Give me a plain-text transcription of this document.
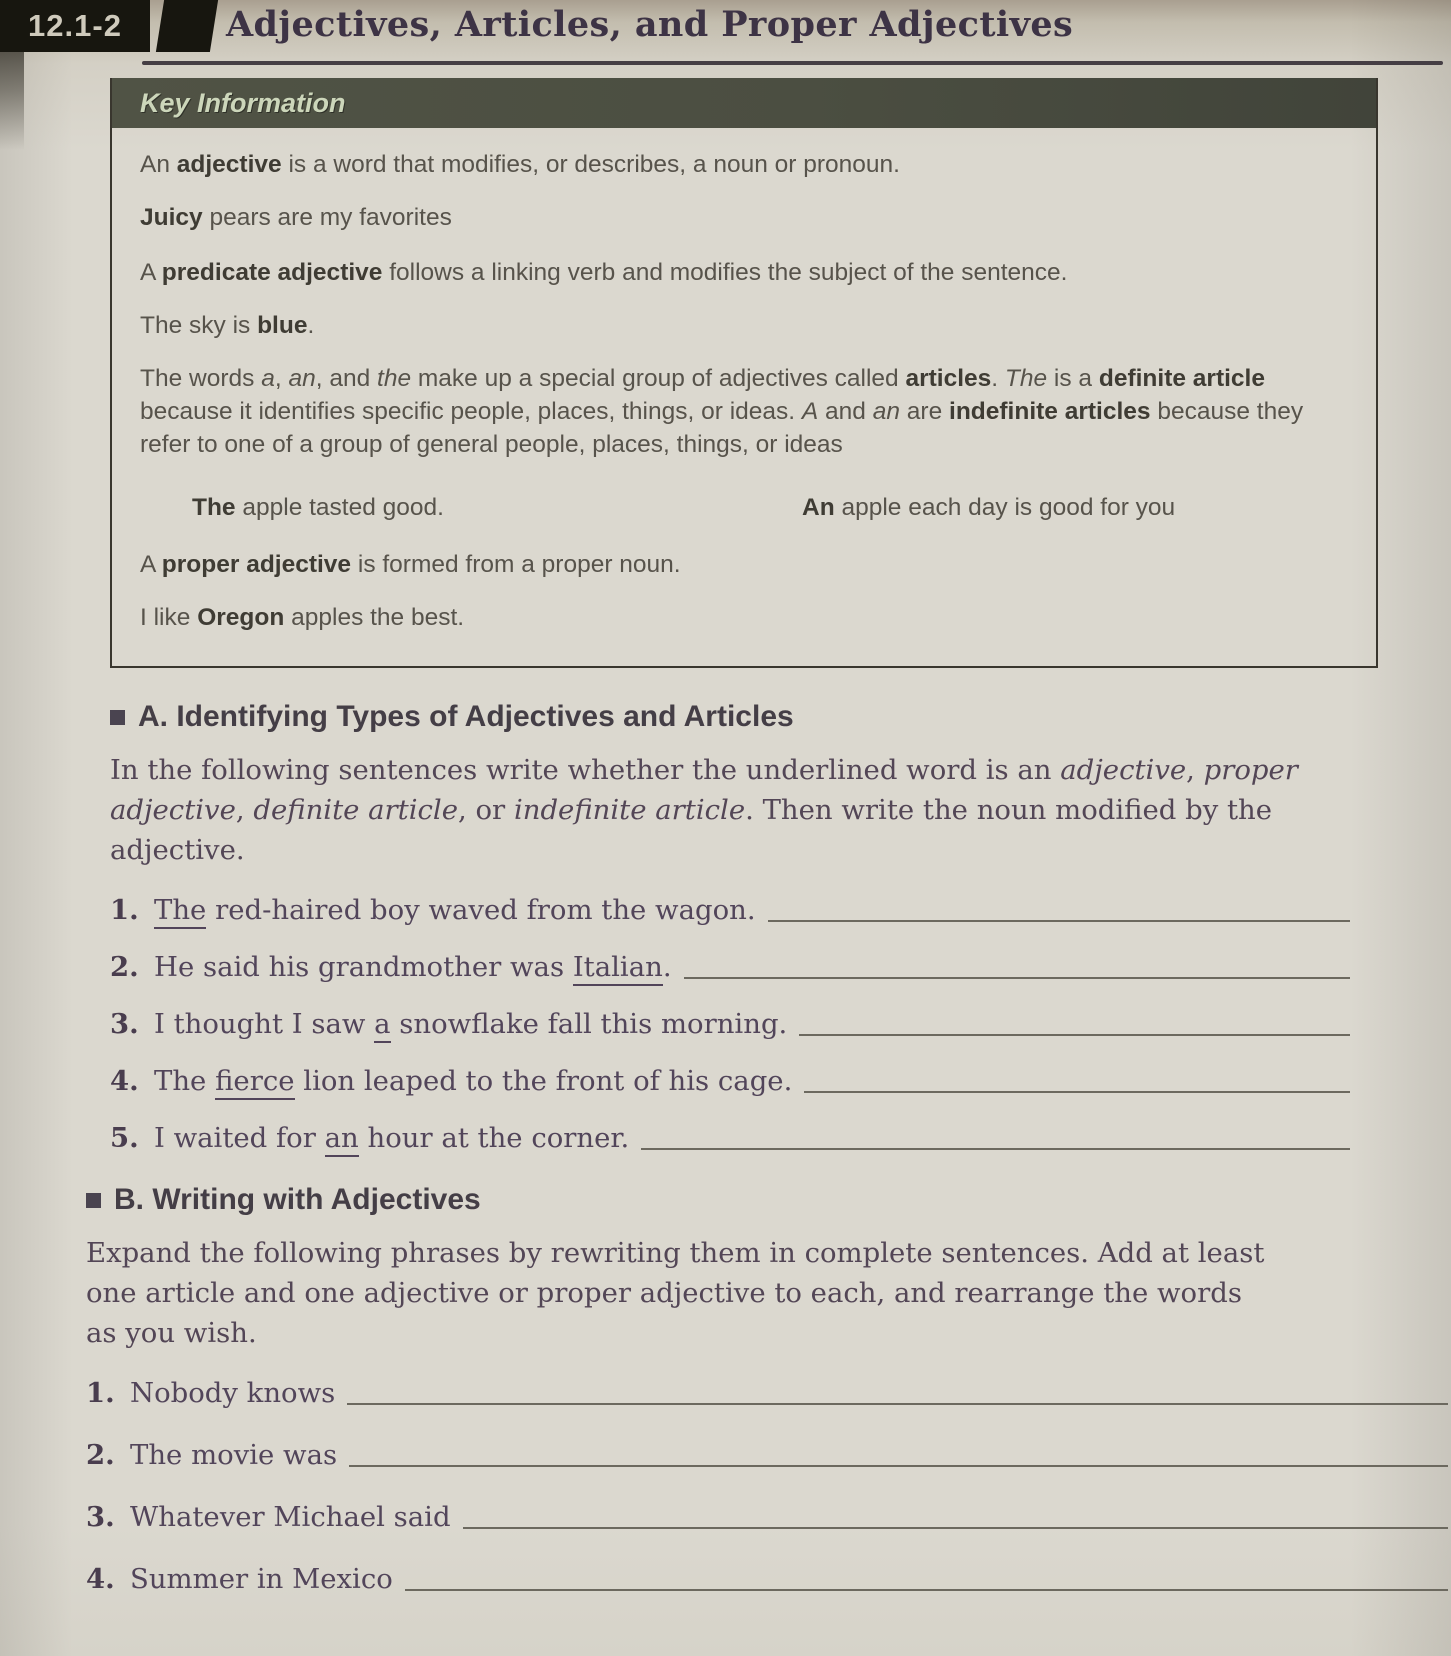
12.1-2	Adjectives, Articles, and Proper Adjectives
Key Information

An adjective is a word that modifies, or describes, a noun or pronoun.

Juicy pears are my favorites

A predicate adjective follows a linking verb and modifies the subject of the sentence.

The sky is blue.

The words a, an, and the make up a special group of adjectives called articles. The is a definite article because it identifies specific people, places, things, or ideas. A and an are indefinite articles because they refer to one of a group of general people, places, things, or ideas

The apple tasted good.	An apple each day is good for you

A proper adjective is formed from a proper noun.

I like Oregon apples the best.

A. Identifying Types of Adjectives and Articles

In the following sentences write whether the underlined word is an adjective, proper adjective, definite article, or indefinite article. Then write the noun modified by the adjective.

1. The red-haired boy waved from the wagon.
2. He said his grandmother was Italian.
3. I thought I saw a snowflake fall this morning.
4. The fierce lion leaped to the front of his cage.
5. I waited for an hour at the corner.
B. Writing with Adjectives

Expand the following phrases by rewriting them in complete sentences. Add at least one article and one adjective or proper adjective to each, and rearrange the words as you wish.

1. Nobody knows
2. The movie was
3. Whatever Michael said
4. Summer in Mexico
